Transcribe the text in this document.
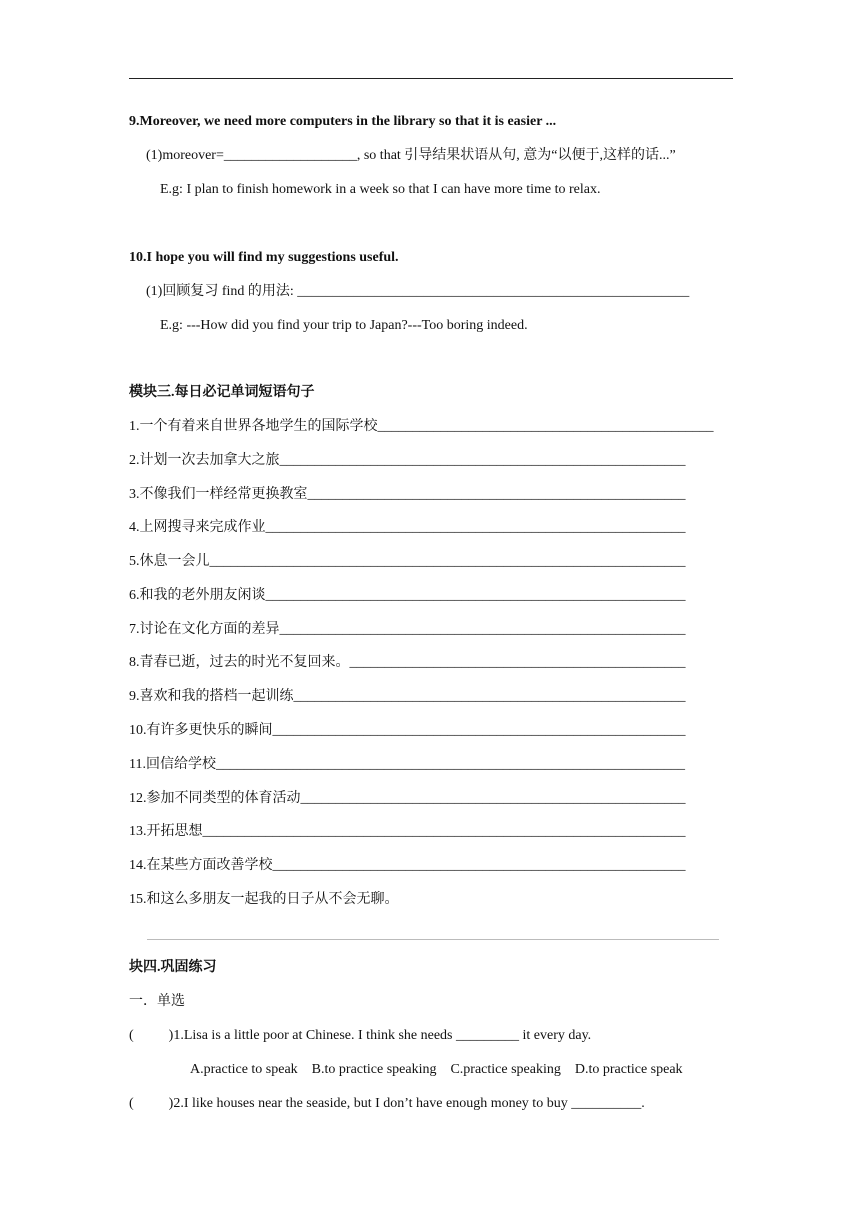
9.Moreover, we need more computers in the library so that it is easier ...
(1)moreover=___________________, so that 引导结果状语从句, 意为“以便于,这样的话...”
E.g: I plan to finish homework in a week so that I can have more time to relax.
10.I hope you will find my suggestions useful.
(1)回顾复习 find 的用法: ________________________________________________________
E.g: ---How did you find your trip to Japan?---Too boring indeed.
模块三.每日必记单词短语句子
1.一个有着来自世界各地学生的国际学校________________________________________________
2.计划一次去加拿大之旅__________________________________________________________
3.不像我们一样经常更换教室______________________________________________________
4.上网搜寻来完成作业____________________________________________________________
5.休息一会儿____________________________________________________________________
6.和我的老外朋友闲谈____________________________________________________________
7.讨论在文化方面的差异__________________________________________________________
8.青春已逝，过去的时光不复回来。________________________________________________
9.喜欢和我的搭档一起训练________________________________________________________
10.有许多更快乐的瞬间___________________________________________________________
11.回信给学校___________________________________________________________________
12.参加不同类型的体育活动_______________________________________________________
13.开拓思想_____________________________________________________________________
14.在某些方面改善学校___________________________________________________________
15.和这么多朋友一起我的日子从不会无聊。
块四.巩固练习
一．单选
(          )1.Lisa is a little poor at Chinese. I think she needs _________ it every day.
A.practice to speak    B.to practice speaking    C.practice speaking    D.to practice speak
(          )2.I like houses near the seaside, but I don’t have enough money to buy __________.
